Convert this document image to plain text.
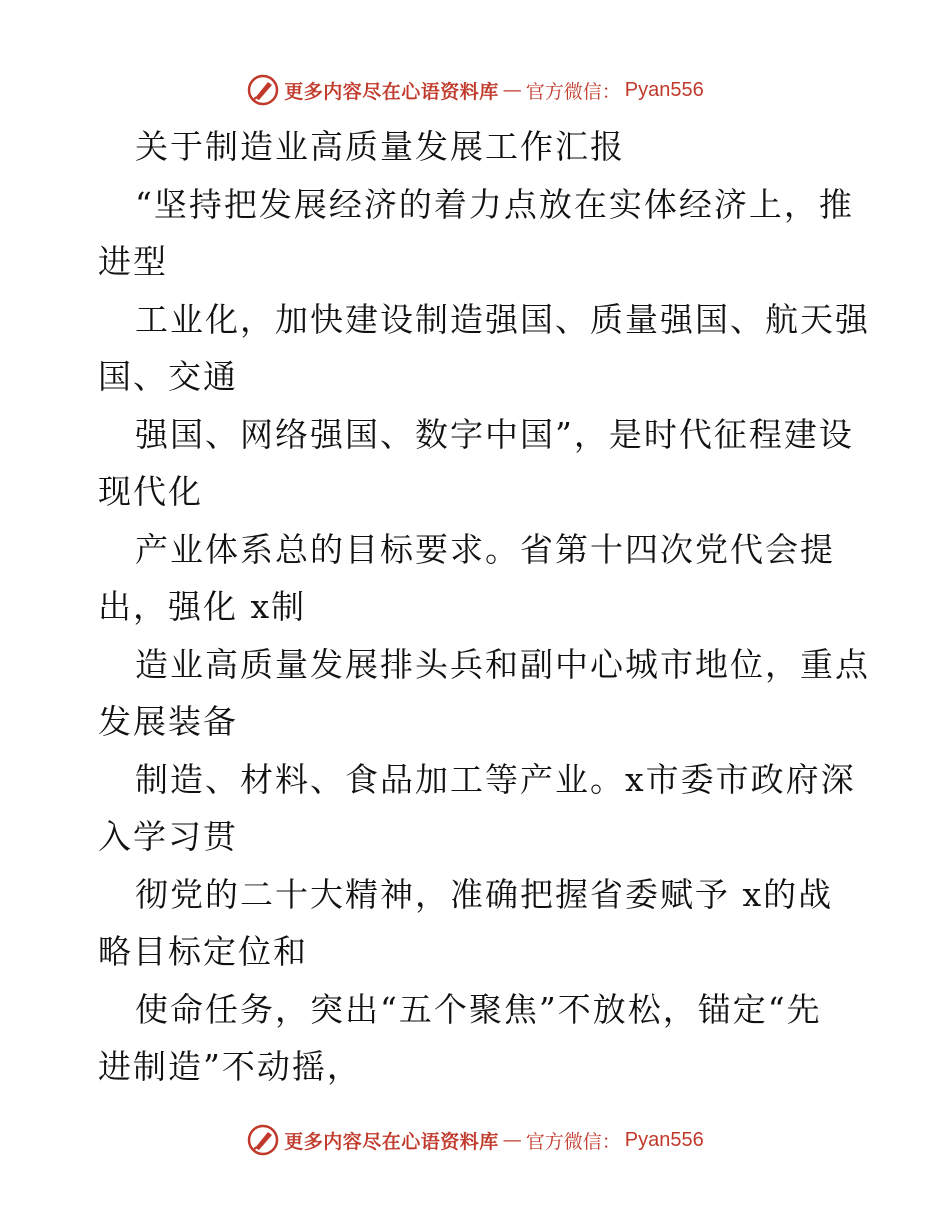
更多内容尽在心语资料库 — 官方微信： Pyan556
关于制造业高质量发展工作汇报
“坚持把发展经济的着力点放在实体经济上，推
进型
工业化，加快建设制造强国、质量强国、航天强
国、交通
强国、网络强国、数字中国”，是时代征程建设
现代化
产业体系总的目标要求。省第十四次党代会提
出，强化 x制
造业高质量发展排头兵和副中心城市地位，重点
发展装备
制造、材料、食品加工等产业。x市委市政府深
入学习贯
彻党的二十大精神，准确把握省委赋予 x的战
略目标定位和
使命任务，突出“五个聚焦”不放松，锚定“先
进制造”不动摇，
更多内容尽在心语资料库 — 官方微信： Pyan556
